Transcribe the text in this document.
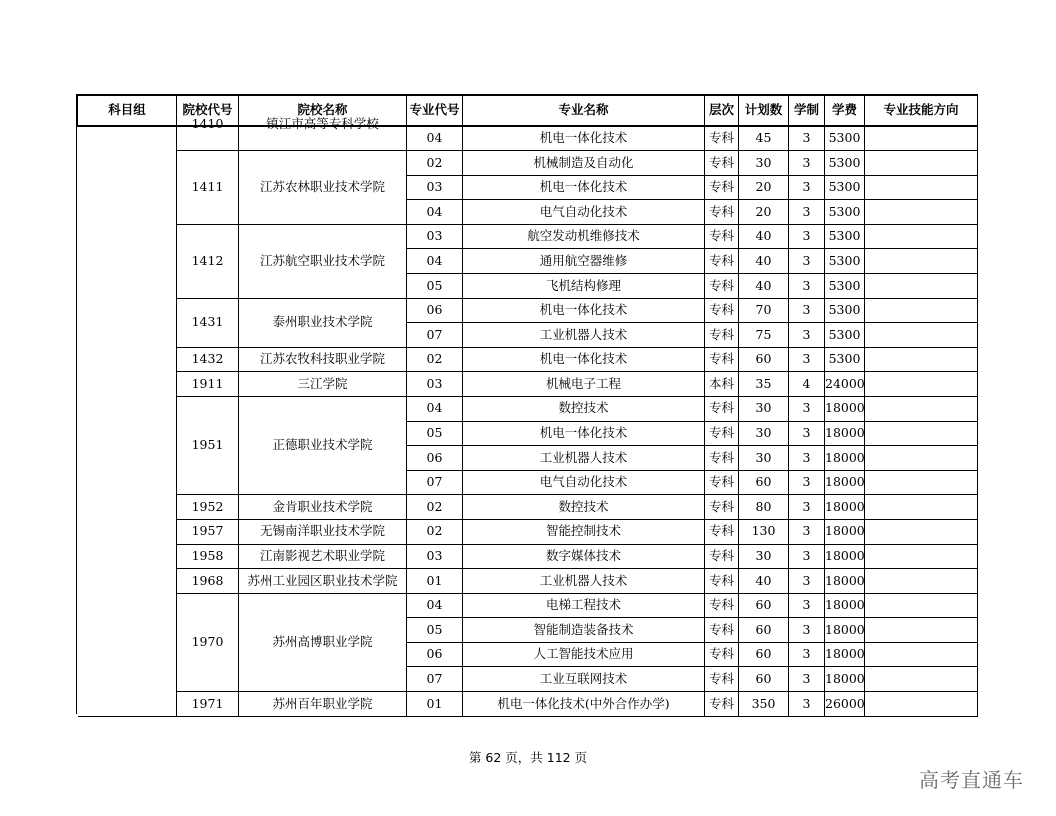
科目组	院校代号	院校名称	专业代号	专业名称	层次	计划数	学制	学费	专业技能方向

	1410	镇江市高等专科学校	04	机电一体化技术	专科	45	3	5300	
	1411	江苏农林职业技术学院	02	机械制造及自动化	专科	30	3	5300	
			03	机电一体化技术	专科	20	3	5300	
			04	电气自动化技术	专科	20	3	5300	
	1412	江苏航空职业技术学院	03	航空发动机维修技术	专科	40	3	5300	
			04	通用航空器维修	专科	40	3	5300	
			05	飞机结构修理	专科	40	3	5300	
	1431	泰州职业技术学院	06	机电一体化技术	专科	70	3	5300	
			07	工业机器人技术	专科	75	3	5300	
	1432	江苏农牧科技职业学院	02	机电一体化技术	专科	60	3	5300	
	1911	三江学院	03	机械电子工程	本科	35	4	24000	
	1951	正德职业技术学院	04	数控技术	专科	30	3	18000	
			05	机电一体化技术	专科	30	3	18000	
			06	工业机器人技术	专科	30	3	18000	
			07	电气自动化技术	专科	60	3	18000	
	1952	金肯职业技术学院	02	数控技术	专科	80	3	18000	
	1957	无锡南洋职业技术学院	02	智能控制技术	专科	130	3	18000	
	1958	江南影视艺术职业学院	03	数字媒体技术	专科	30	3	18000	
	1968	苏州工业园区职业技术学院	01	工业机器人技术	专科	40	3	18000	
	1970	苏州高博职业学院	04	电梯工程技术	专科	60	3	18000	
			05	智能制造装备技术	专科	60	3	18000	
			06	人工智能技术应用	专科	60	3	18000	
			07	工业互联网技术	专科	60	3	18000	
	1971	苏州百年职业学院	01	机电一体化技术(中外合作办学)	专科	350	3	26000	
第 62 页，共 112 页
高考直通车
